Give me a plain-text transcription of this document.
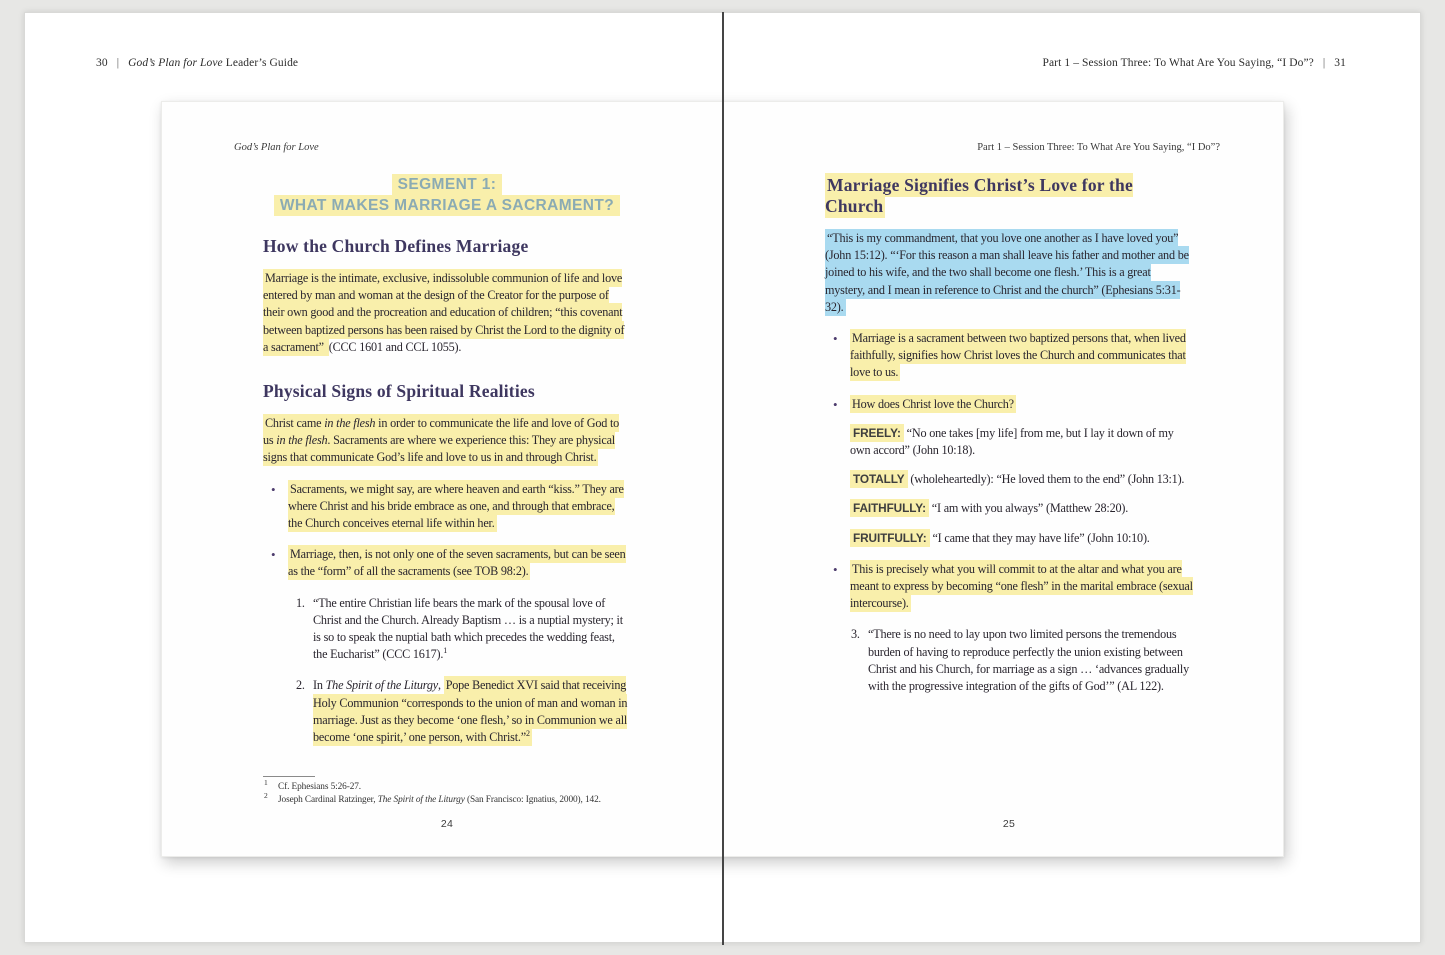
30 | God’s Plan for Love Leader’s Guide	Part 1 – Session Three: To What Are You Saying, “I Do”? | 31
God’s Plan for Love
SEGMENT 1:
WHAT MAKES MARRIAGE A SACRAMENT?
How the Church Defines Marriage

Marriage is the intimate, exclusive, indissoluble communion of life and love entered by man and woman at the design of the Creator for the purpose of their own good and the procreation and education of children; “this covenant between baptized persons has been raised by Christ the Lord to the dignity of a sacrament” (CCC 1601 and CCL 1055).

Physical Signs of Spiritual Realities

Christ came in the flesh in order to communicate the life and love of God to us in the flesh. Sacraments are where we experience this: They are physical signs that communicate God’s life and love to us in and through Christ.

• Sacraments, we might say, are where heaven and earth “kiss.” They are where Christ and his bride embrace as one, and through that embrace, the Church conceives eternal life within her.
• Marriage, then, is not only one of the seven sacraments, but can be seen as the “form” of all the sacraments (see TOB 98:2).
1. “The entire Christian life bears the mark of the spousal love of Christ and the Church. Already Baptism … is a nuptial mystery; it is so to speak the nuptial bath which precedes the wedding feast, the Eucharist” (CCC 1617).$^1$
2. In The Spirit of the Liturgy, Pope Benedict XVI said that receiving Holy Communion “corresponds to the union of man and woman in marriage. Just as they become ‘one flesh,’ so in Communion we all become ‘one spirit,’ one person, with Christ.”$^2$
1 Cf. Ephesians 5:26-27.
2 Joseph Cardinal Ratzinger, The Spirit of the Liturgy (San Francisco: Ignatius, 2000), 142.
24
Part 1 – Session Three: To What Are You Saying, “I Do”?
Marriage Signifies Christ’s Love for the Church

“This is my commandment, that you love one another as I have loved you” (John 15:12). “‘For this reason a man shall leave his father and mother and be joined to his wife, and the two shall become one flesh.’ This is a great mystery, and I mean in reference to Christ and the church” (Ephesians 5:31-32).

• Marriage is a sacrament between two baptized persons that, when lived faithfully, signifies how Christ loves the Church and communicates that love to us.
• How does Christ love the Church?
FREELY: “No one takes [my life] from me, but I lay it down of my own accord” (John 10:18).
TOTALLY (wholeheartedly): “He loved them to the end” (John 13:1).
FAITHFULLY: “I am with you always” (Matthew 28:20).
FRUITFULLY: “I came that they may have life” (John 10:10).
• This is precisely what you will commit to at the altar and what you are meant to express by becoming “one flesh” in the marital embrace (sexual intercourse).
3. “There is no need to lay upon two limited persons the tremendous burden of having to reproduce perfectly the union existing between Christ and his Church, for marriage as a sign … ‘advances gradually with the progressive integration of the gifts of God’” (AL 122).
25
